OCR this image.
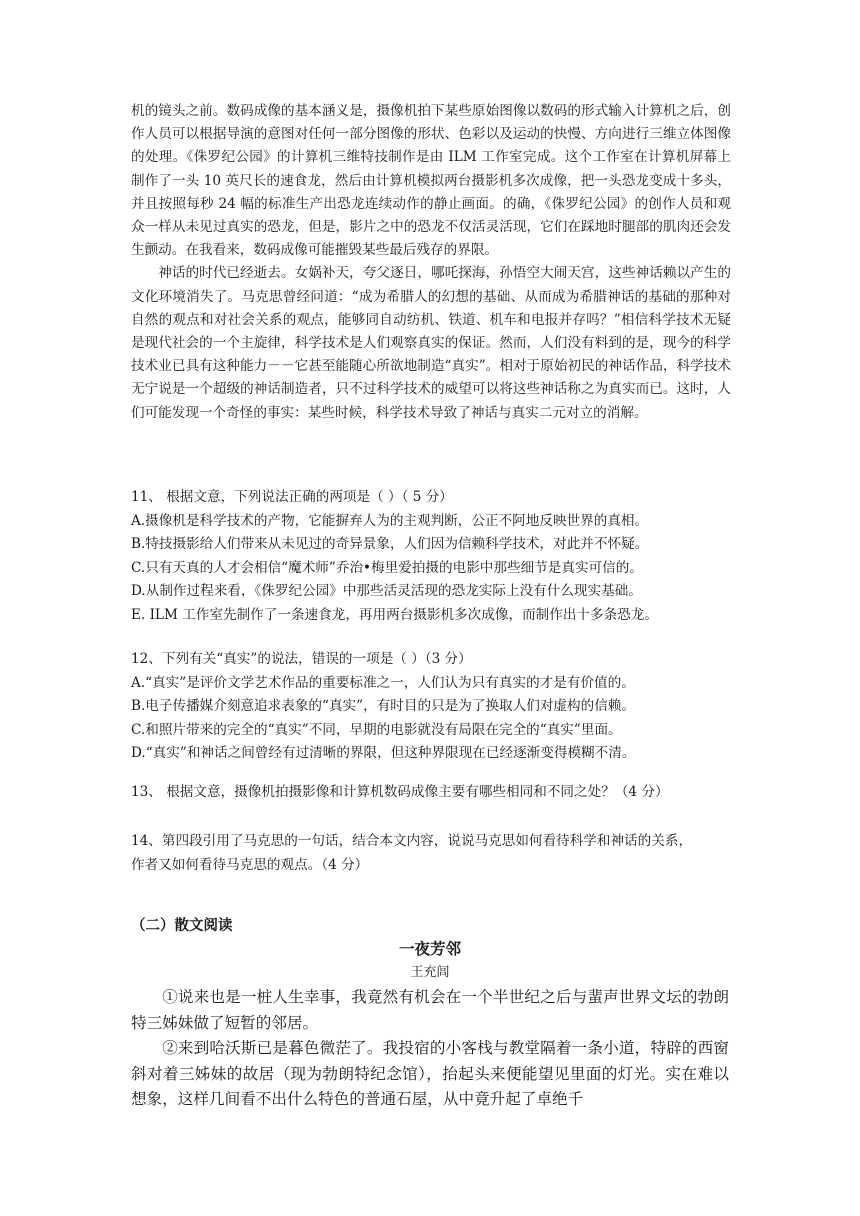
机的镜头之前。数码成像的基本涵义是，摄像机拍下某些原始图像以数码的形式输入计算机之后，创作人员可以根据导演的意图对任何一部分图像的形状、色彩以及运动的快慢、方向进行三维立体图像的处理。《侏罗纪公园》的计算机三维特技制作是由 ILM 工作室完成。这个工作室在计算机屏幕上制作了一头 10 英尺长的速食龙，然后由计算机模拟两台摄影机多次成像，把一头恐龙变成十多头，并且按照每秒 24 幅的标准生产出恐龙连续动作的静止画面。的确，《侏罗纪公园》的创作人员和观众一样从未见过真实的恐龙，但是，影片之中的恐龙不仅活灵活现，它们在踩地时腿部的肌肉还会发生颤动。在我看来，数码成像可能摧毁某些最后残存的界限。

神话的时代已经逝去。女娲补天，夸父逐日，哪吒探海，孙悟空大闹天宫，这些神话赖以产生的文化环境消失了。马克思曾经问道：“成为希腊人的幻想的基础、从而成为希腊神话的基础的那种对自然的观点和对社会关系的观点，能够同自动纺机、铁道、机车和电报并存吗？”相信科学技术无疑是现代社会的一个主旋律，科学技术是人们观察真实的保证。然而，人们没有料到的是，现今的科学技术业已具有这种能力－－它甚至能随心所欲地制造“真实”。相对于原始初民的神话作品，科学技术无宁说是一个超级的神话制造者，只不过科学技术的威望可以将这些神话称之为真实而已。这时，人们可能发现一个奇怪的事实：某些时候，科学技术导致了神话与真实二元对立的消解。

11、 根据文意，下列说法正确的两项是（ ）（ 5 分）
A.摄像机是科学技术的产物，它能摒弃人为的主观判断，公正不阿地反映世界的真相。
B.特技摄影给人们带来从未见过的奇异景象，人们因为信赖科学技术，对此并不怀疑。
C.只有天真的人才会相信“魔术师”乔治•梅里爱拍摄的电影中那些细节是真实可信的。
D.从制作过程来看，《侏罗纪公园》中那些活灵活现的恐龙实际上没有什么现实基础。
E. ILM 工作室先制作了一条速食龙，再用两台摄影机多次成像，而制作出十多条恐龙。
12、下列有关“真实”的说法，错误的一项是（ ）（3 分）
A.“真实”是评价文学艺术作品的重要标准之一，人们认为只有真实的才是有价值的。
B.电子传播媒介刻意追求表象的“真实”，有时目的只是为了换取人们对虚构的信赖。
C.和照片带来的完全的“真实”不同，早期的电影就没有局限在完全的“真实”里面。
D.“真实”和神话之间曾经有过清晰的界限，但这种界限现在已经逐渐变得模糊不清。
13、 根据文意，摄像机拍摄影像和计算机数码成像主要有哪些相同和不同之处？（4 分）
14、第四段引用了马克思的一句话，结合本文内容，说说马克思如何看待科学和神话的关系，
作者又如何看待马克思的观点。（4 分）
（二）散文阅读
一夜芳邻
王充闾

①说来也是一桩人生幸事，我竟然有机会在一个半世纪之后与蜚声世界文坛的勃朗特三姊妹做了短暂的邻居。

②来到哈沃斯已是暮色微茫了。我投宿的小客栈与教堂隔着一条小道，特辟的西窗斜对着三姊妹的故居（现为勃朗特纪念馆），抬起头来便能望见里面的灯光。实在难以想象，这样几间看不出什么特色的普通石屋，从中竟升起了卓绝千
